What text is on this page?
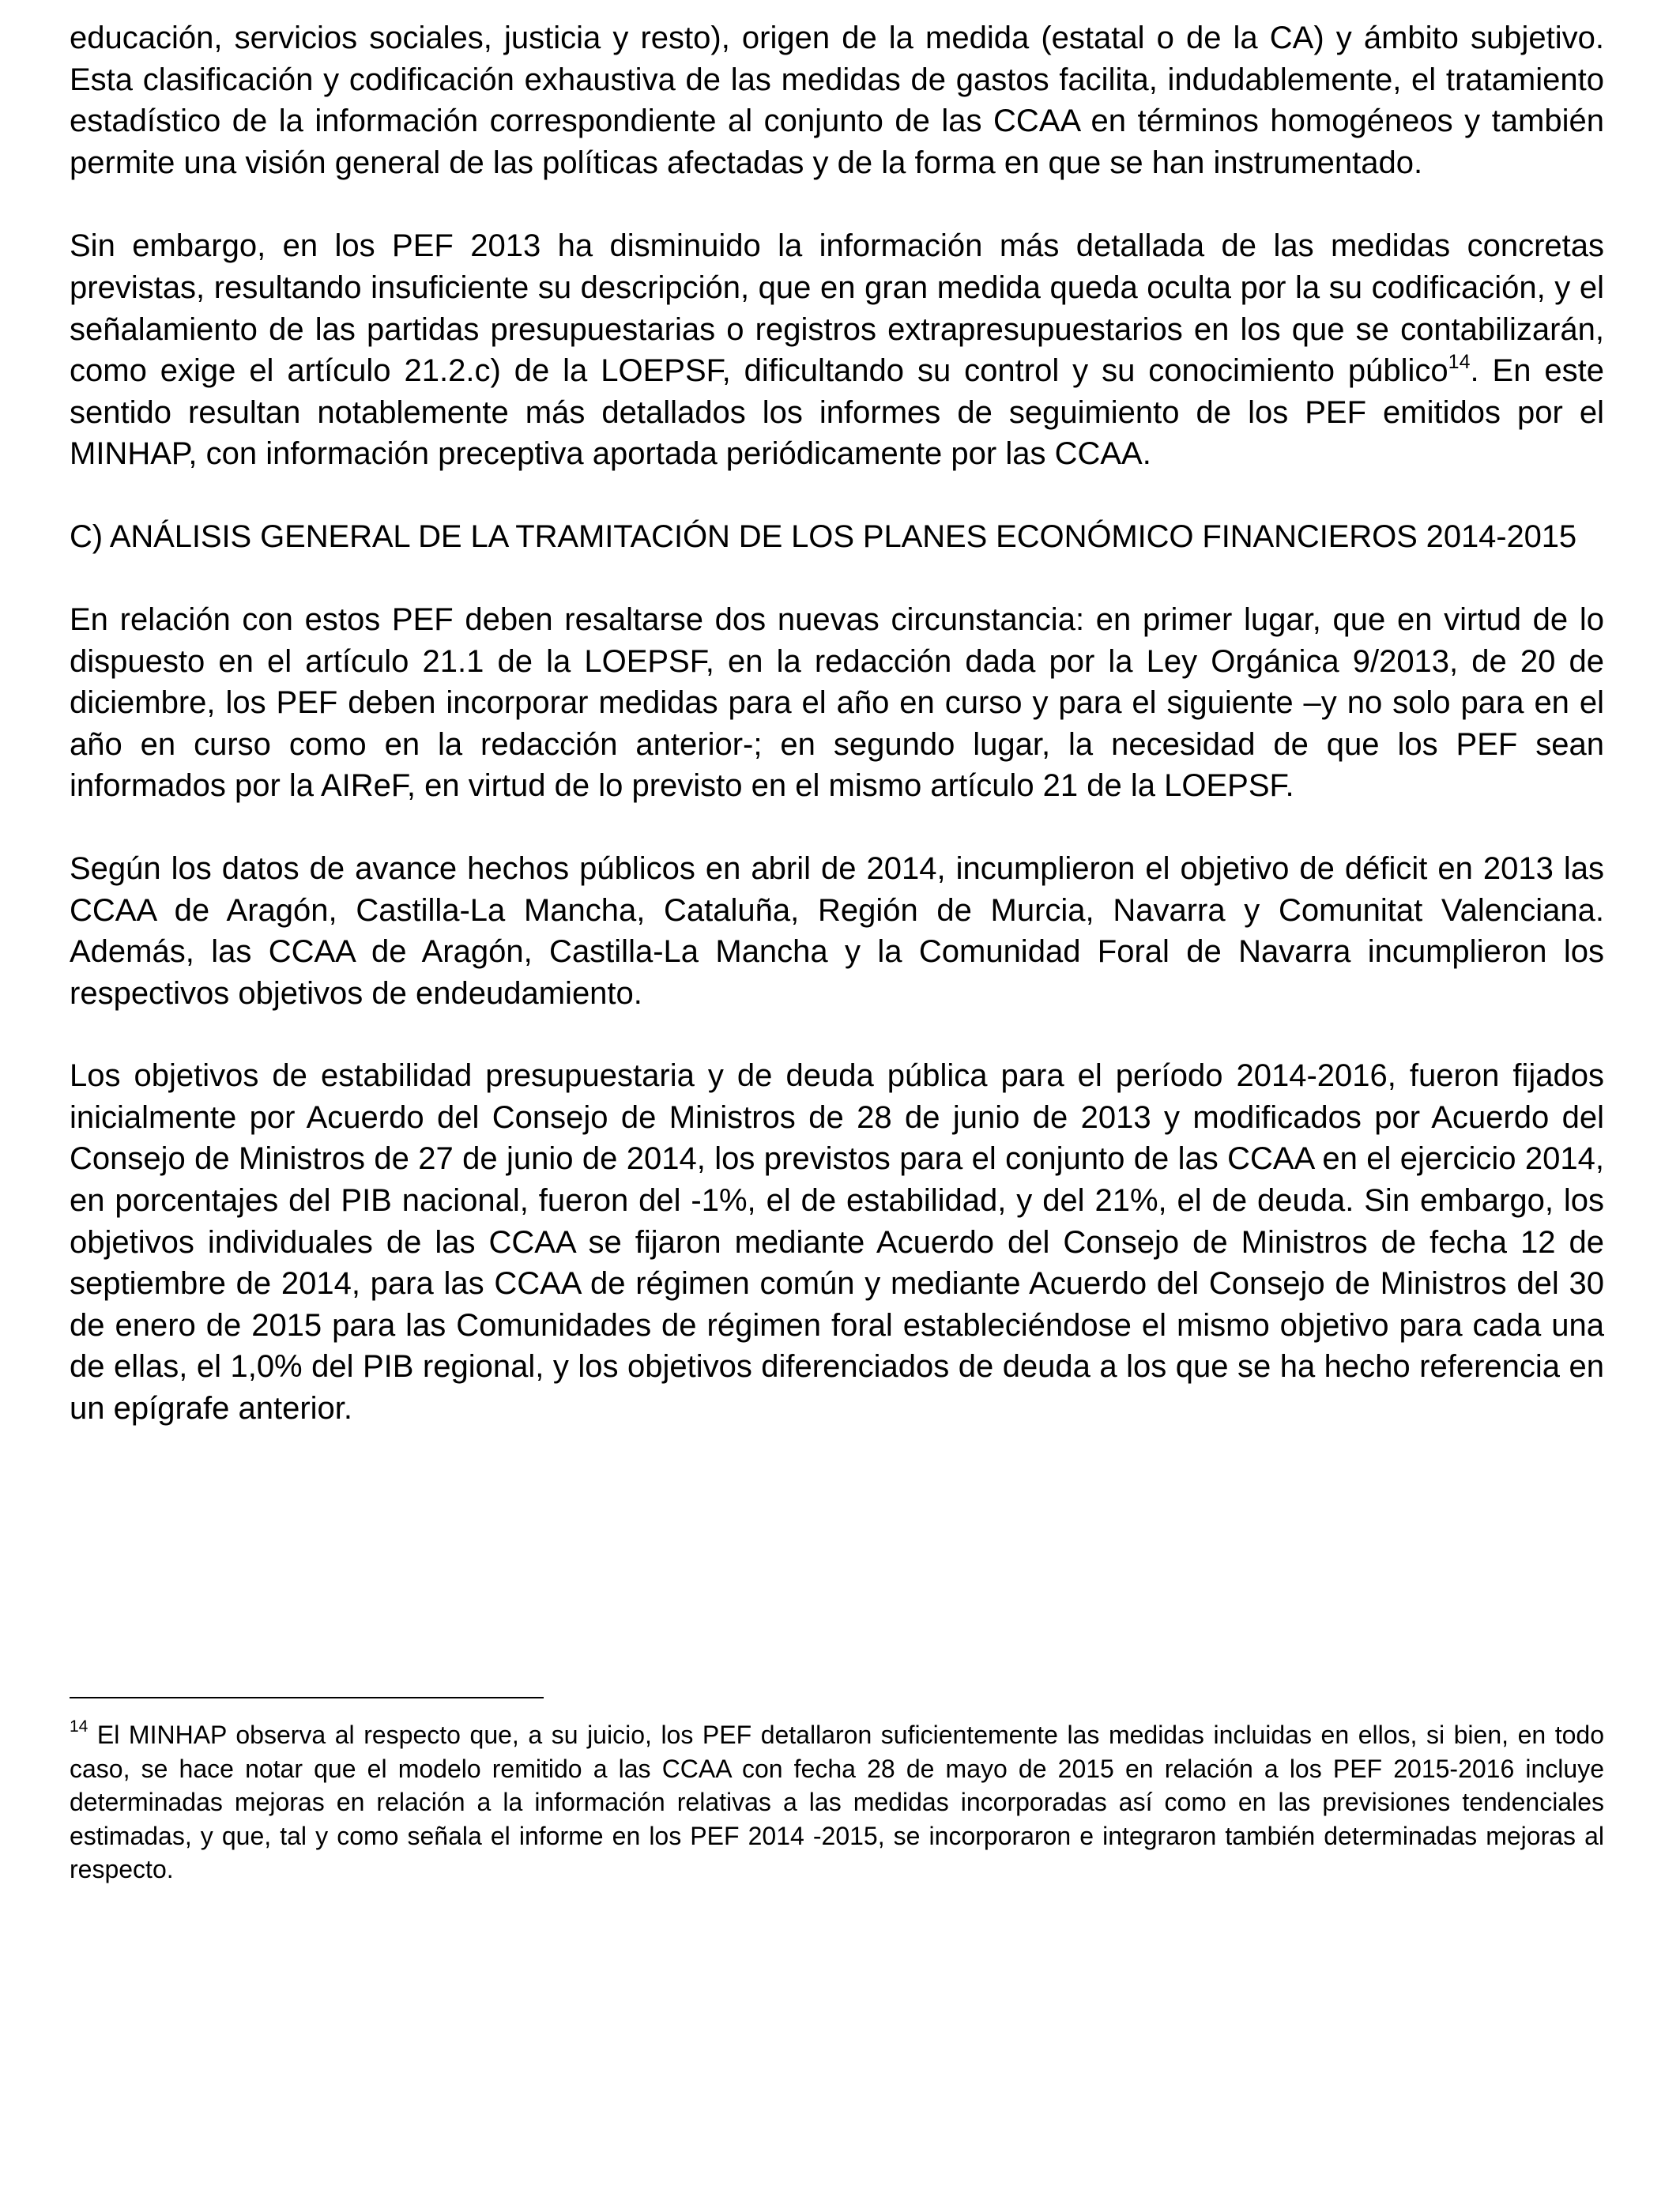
educación, servicios sociales, justicia y resto), origen de la medida (estatal o de la CA) y ámbito subjetivo. Esta clasificación y codificación exhaustiva de las medidas de gastos facilita, indudablemente, el tratamiento estadístico de la información correspondiente al conjunto de las CCAA en términos homogéneos y también permite una visión general de las políticas afectadas y de la forma en que se han instrumentado.

Sin embargo, en los PEF 2013 ha disminuido la información más detallada de las medidas concretas previstas, resultando insuficiente su descripción, que en gran medida queda oculta por la su codificación, y el señalamiento de las partidas presupuestarias o registros extrapresupuestarios en los que se contabilizarán, como exige el artículo 21.2.c) de la LOEPSF, dificultando su control y su conocimiento público$^{14}$. En este sentido resultan notablemente más detallados los informes de seguimiento de los PEF emitidos por el MINHAP, con información preceptiva aportada periódicamente por las CCAA.

C) ANÁLISIS GENERAL DE LA TRAMITACIÓN DE LOS PLANES ECONÓMICO FINANCIEROS 2014-2015

En relación con estos PEF deben resaltarse dos nuevas circunstancia: en primer lugar, que en virtud de lo dispuesto en el artículo 21.1 de la LOEPSF, en la redacción dada por la Ley Orgánica 9/2013, de 20 de diciembre, los PEF deben incorporar medidas para el año en curso y para el siguiente –y no solo para en el año en curso como en la redacción anterior-; en segundo lugar, la necesidad de que los PEF sean informados por la AIReF, en virtud de lo previsto en el mismo artículo 21 de la LOEPSF.

Según los datos de avance hechos públicos en abril de 2014, incumplieron el objetivo de déficit en 2013 las CCAA de Aragón, Castilla-La Mancha, Cataluña, Región de Murcia, Navarra y Comunitat Valenciana. Además, las CCAA de Aragón, Castilla-La Mancha y la Comunidad Foral de Navarra incumplieron los respectivos objetivos de endeudamiento.

Los objetivos de estabilidad presupuestaria y de deuda pública para el período 2014-2016, fueron fijados inicialmente por Acuerdo del Consejo de Ministros de 28 de junio de 2013 y modificados por Acuerdo del Consejo de Ministros de 27 de junio de 2014, los previstos para el conjunto de las CCAA en el ejercicio 2014, en porcentajes del PIB nacional, fueron del -1%, el de estabilidad, y del 21%, el de deuda. Sin embargo, los objetivos individuales de las CCAA se fijaron mediante Acuerdo del Consejo de Ministros de fecha 12 de septiembre de 2014, para las CCAA de régimen común y mediante Acuerdo del Consejo de Ministros del 30 de enero de 2015 para las Comunidades de régimen foral estableciéndose el mismo objetivo para cada una de ellas, el 1,0% del PIB regional, y los objetivos diferenciados de deuda a los que se ha hecho referencia en un epígrafe anterior.

$^{14}$ El MINHAP observa al respecto que, a su juicio, los PEF detallaron suficientemente las medidas incluidas en ellos, si bien, en todo caso, se hace notar que el modelo remitido a las CCAA con fecha 28 de mayo de 2015 en relación a los PEF 2015-2016 incluye determinadas mejoras en relación a la información relativas a las medidas incorporadas así como en las previsiones tendenciales estimadas, y que, tal y como señala el informe en los PEF 2014 -2015, se incorporaron e integraron también determinadas mejoras al respecto.
